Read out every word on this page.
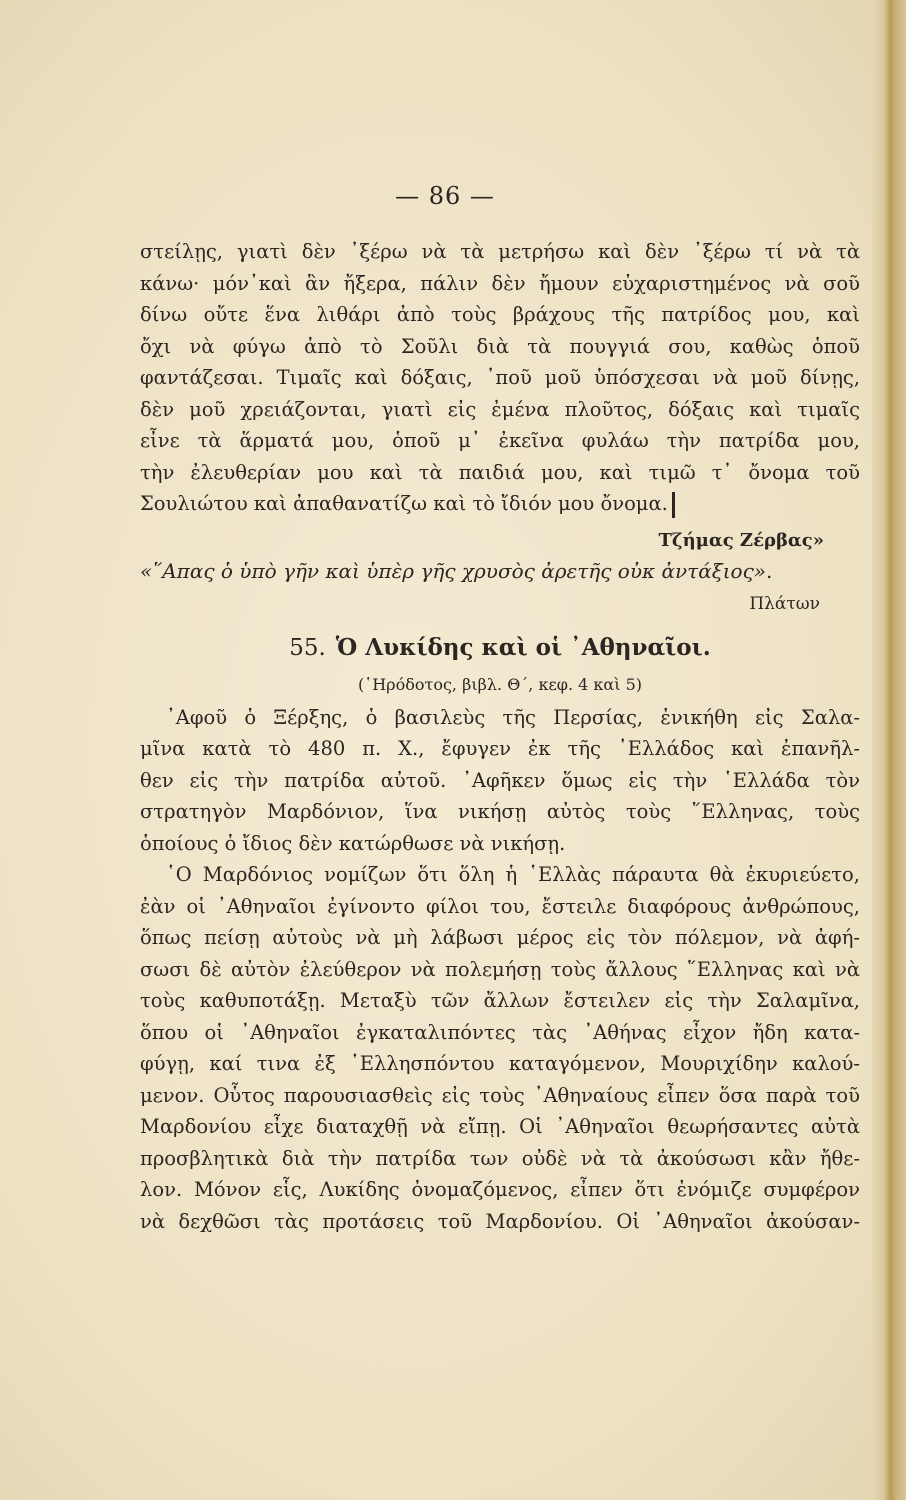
— 86 —
στείλῃς, γιατὶ δὲν ᾿ξέρω νὰ τὰ μετρήσω καὶ δὲν ᾿ξέρω τί νὰ τὰ
κάνω· μόν᾿καὶ ἂν ἤξερα, πάλιν δὲν ἤμουν εὐχαριστημένος νὰ σοῦ
δίνω οὔτε ἕνα λιθάρι ἀπὸ τοὺς βράχους τῆς πατρίδος μου, καὶ
ὄχι νὰ φύγω ἀπὸ τὸ Σοῦλι διὰ τὰ πουγγιά σου, καθὼς ὁποῦ
φαντάζεσαι. Τιμαῖς καὶ δόξαις, ᾿ποῦ μοῦ ὑπόσχεσαι νὰ μοῦ δίνῃς,
δὲν μοῦ χρειάζονται, γιατὶ εἰς ἐμένα πλοῦτος, δόξαις καὶ τιμαῖς
εἶνε τὰ ἅρματά μου, ὁποῦ μ᾿ ἐκεῖνα φυλάω τὴν πατρίδα μου,
τὴν ἐλευθερίαν μου καὶ τὰ παιδιά μου, καὶ τιμῶ τ᾿ ὄνομα τοῦ
Σουλιώτου καὶ ἀπαθανατίζω καὶ τὸ ἴδιόν μου ὄνομα.
Τζήμας Ζέρβας»
«῞Απας ὁ ὑπὸ γῆν καὶ ὑπὲρ γῆς χρυσὸς ἀρετῆς οὐκ ἀντάξιος».
Πλάτων
55. Ὁ Λυκίδης καὶ οἱ ᾿Αθηναῖοι.
(῾Ηρόδοτος, βιβλ. Θ΄, κεφ. 4 καὶ 5)
᾿Αφοῦ ὁ Ξέρξης, ὁ βασιλεὺς τῆς Περσίας, ἐνικήθη εἰς Σαλα-
μῖνα κατὰ τὸ 480 π. Χ., ἔφυγεν ἐκ τῆς ῾Ελλάδος καὶ ἐπανῆλ-
θεν εἰς τὴν πατρίδα αὐτοῦ. ᾿Αφῆκεν ὅμως εἰς τὴν ῾Ελλάδα τὸν
στρατηγὸν Μαρδόνιον, ἵνα νικήσῃ αὐτὸς τοὺς ῞Ελληνας, τοὺς
ὁποίους ὁ ἴδιος δὲν κατώρθωσε νὰ νικήσῃ.
῾Ο Μαρδόνιος νομίζων ὅτι ὅλη ἡ ῾Ελλὰς πάραυτα θὰ ἐκυριεύετο,
ἐὰν οἱ ᾿Αθηναῖοι ἐγίνοντο φίλοι του, ἔστειλε διαφόρους ἀνθρώπους,
ὅπως πείσῃ αὐτοὺς νὰ μὴ λάβωσι μέρος εἰς τὸν πόλεμον, νὰ ἀφή-
σωσι δὲ αὐτὸν ἐλεύθερον νὰ πολεμήσῃ τοὺς ἄλλους ῞Ελληνας καὶ νὰ
τοὺς καθυποτάξῃ. Μεταξὺ τῶν ἄλλων ἔστειλεν εἰς τὴν Σαλαμῖνα,
ὅπου οἱ ᾿Αθηναῖοι ἐγκαταλιπόντες τὰς ᾿Αθήνας εἶχον ἤδη κατα-
φύγῃ, καί τινα ἐξ ῾Ελλησπόντου καταγόμενον, Μουριχίδην καλού-
μενον. Οὗτος παρουσιασθεὶς εἰς τοὺς ᾿Αθηναίους εἶπεν ὅσα παρὰ τοῦ
Μαρδονίου εἶχε διαταχθῇ νὰ εἴπῃ. Οἱ ᾿Αθηναῖοι θεωρήσαντες αὐτὰ
προσβλητικὰ διὰ τὴν πατρίδα των οὐδὲ νὰ τὰ ἀκούσωσι κἂν ἤθε-
λον. Μόνον εἷς, Λυκίδης ὀνομαζόμενος, εἶπεν ὅτι ἐνόμιζε συμφέρον
νὰ δεχθῶσι τὰς προτάσεις τοῦ Μαρδονίου. Οἱ ᾿Αθηναῖοι ἀκούσαν-
